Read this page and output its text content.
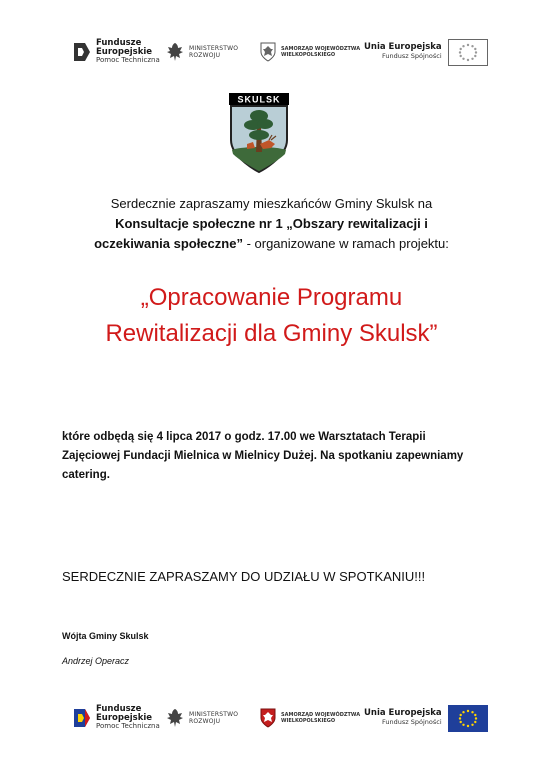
Fundusze
Europejskie
Pomoc Techniczna
MINISTERSTWO
ROZWOJU
SAMORZĄD WOJEWÓDZTWA
WIELKOPOLSKIEGO
Unia Europejska
Fundusz Spójności
SKULSK
Serdecznie zapraszamy mieszkańców Gminy Skulsk na
Konsultacje społeczne nr 1 „Obszary rewitalizacji i
oczekiwania społeczne” - organizowane w ramach projektu:
„Opracowanie Programu
Rewitalizacji dla Gminy Skulsk”
które odbędą się 4 lipca 2017 o godz. 17.00 we Warsztatach Terapii
Zajęciowej Fundacji Mielnica w Mielnicy Dużej. Na spotkaniu zapewniamy
catering.
SERDECZNIE ZAPRASZAMY DO UDZIAŁU W SPOTKANIU!!!
Wójta Gminy Skulsk
Andrzej Operacz
Fundusze
Europejskie
Pomoc Techniczna
MINISTERSTWO
ROZWOJU
SAMORZĄD WOJEWÓDZTWA
WIELKOPOLSKIEGO
Unia Europejska
Fundusz Spójności
